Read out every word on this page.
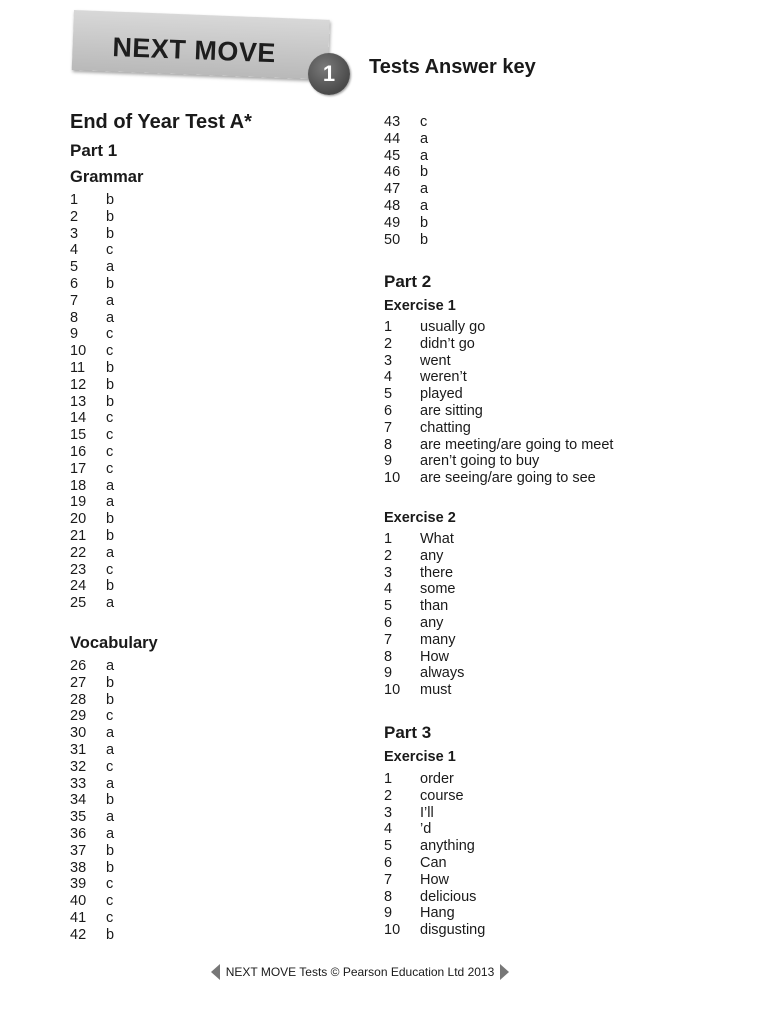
NEXT MOVE
1	Tests Answer key
End of Year Test A*
Part 1
Grammar
1 b
2 b
3 b
4 c
5 a
6 b
7 a
8 a
9 c
10 c
11 b
12 b
13 b
14 c
15 c
16 c
17 c
18 a
19 a
20 b
21 b
22 a
23 c
24 b
25 a
Vocabulary
26 a
27 b
28 b
29 c
30 a
31 a
32 c
33 a
34 b
35 a
36 a
37 b
38 b
39 c
40 c
41 c
42 b
43 c
44 a
45 a
46 b
47 a
48 a
49 b
50 b
Part 2
Exercise 1
1 usually go
2 didn’t go
3 went
4 weren’t
5 played
6 are sitting
7 chatting
8 are meeting/are going to meet
9 aren’t going to buy
10 are seeing/are going to see
Exercise 2
1 What
2 any
3 there
4 some
5 than
6 any
7 many
8 How
9 always
10 must
Part 3
Exercise 1
1 order
2 course
3 I’ll
4 ’d
5 anything
6 Can
7 How
8 delicious
9 Hang
10 disgusting
NEXT MOVE Tests © Pearson Education Ltd 2013
